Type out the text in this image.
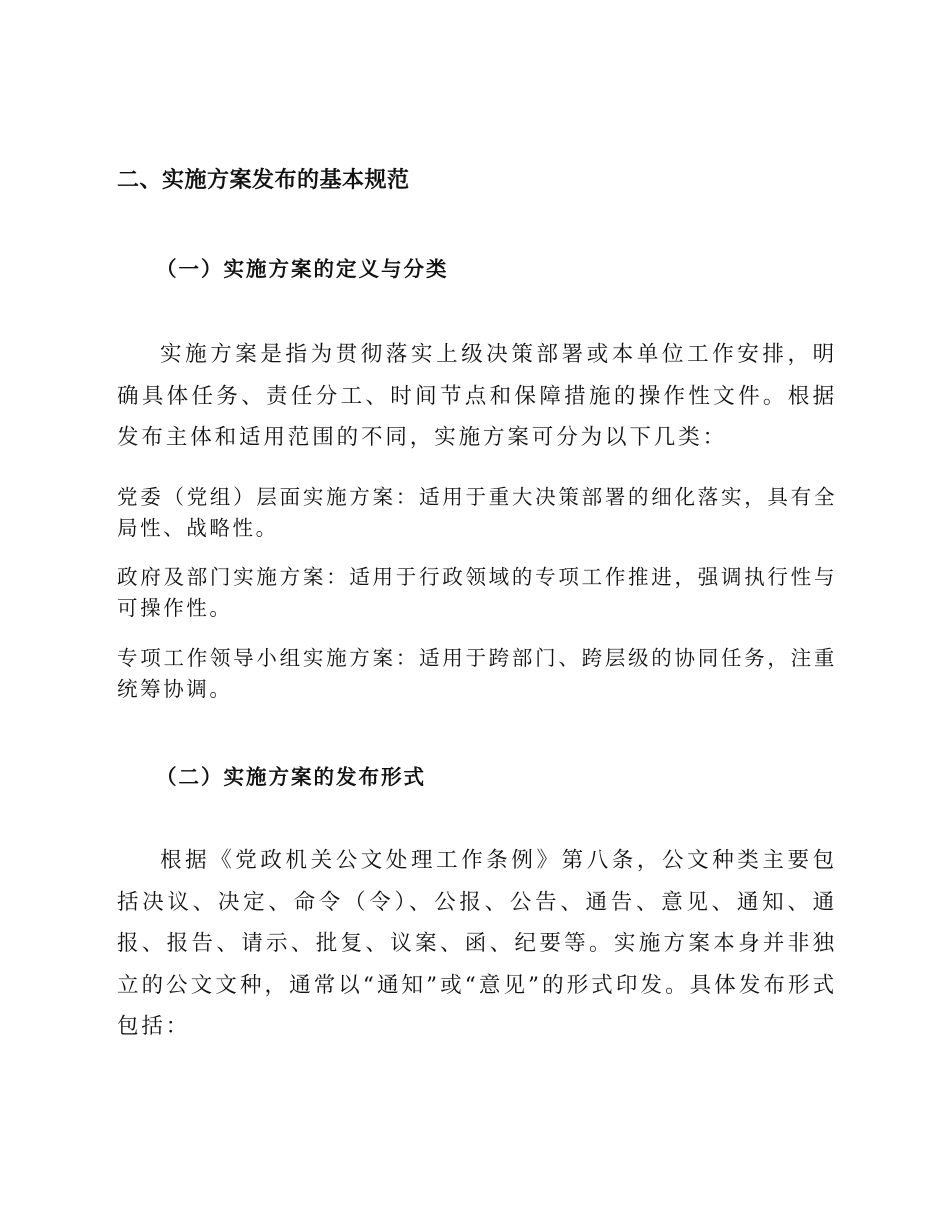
二、实施方案发布的基本规范
（一）实施方案的定义与分类

实施方案是指为贯彻落实上级决策部署或本单位工作安排，明确具体任务、责任分工、时间节点和保障措施的操作性文件。根据发布主体和适用范围的不同，实施方案可分为以下几类：

党委（党组）层面实施方案：适用于重大决策部署的细化落实，具有全局性、战略性。

政府及部门实施方案：适用于行政领域的专项工作推进，强调执行性与可操作性。

专项工作领导小组实施方案：适用于跨部门、跨层级的协同任务，注重统筹协调。

（二）实施方案的发布形式

根据《党政机关公文处理工作条例》第八条，公文种类主要包括决议、决定、命令（令）、公报、公告、通告、意见、通知、通报、报告、请示、批复、议案、函、纪要等。实施方案本身并非独立的公文文种，通常以“通知”或“意见”的形式印发。具体发布形式包括：
